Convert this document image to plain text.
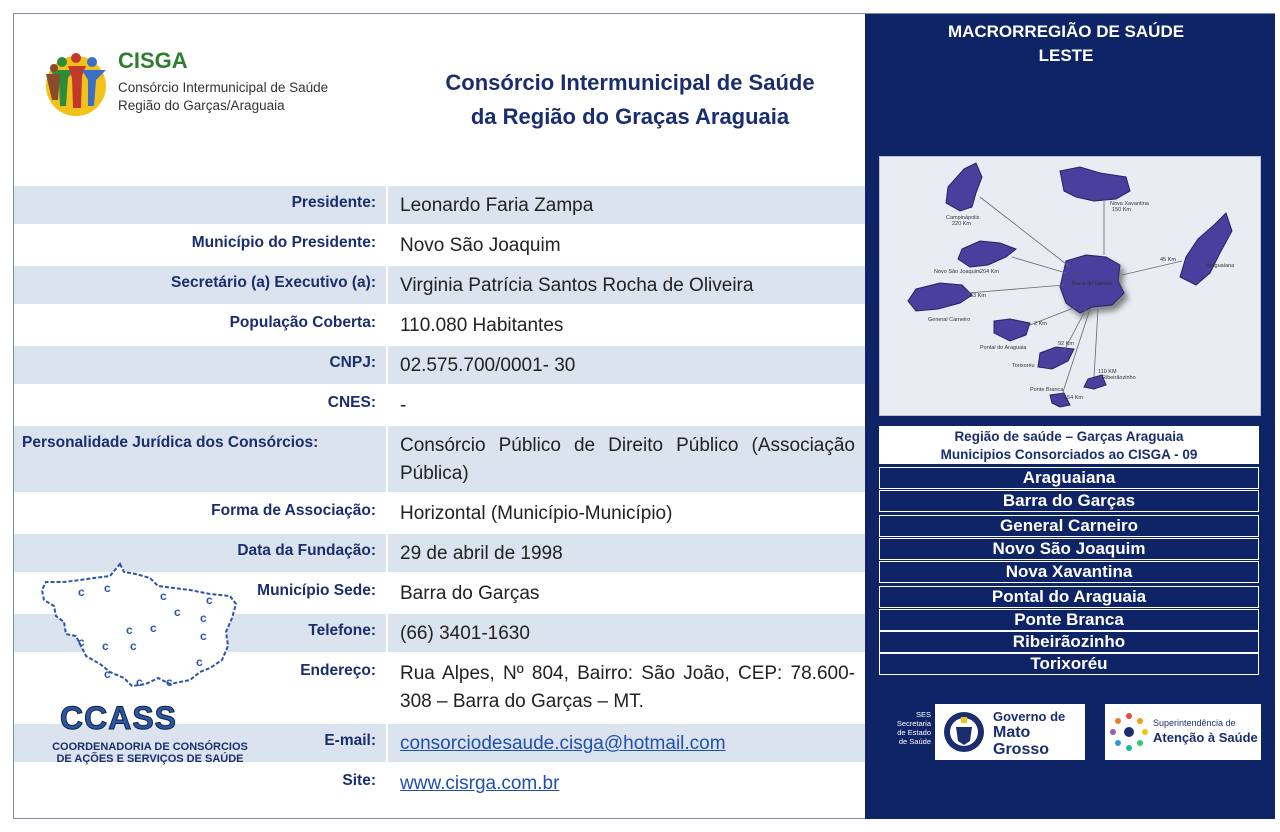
CISGA
Consórcio Intermunicipal de Saúde
Região do Garças/Araguaia
Consórcio Intermunicipal de Saúde
da Região do Graças Araguaia
Presidente:	Leonardo Faria Zampa
Município do Presidente:	Novo São Joaquim
Secretário (a) Executivo (a):	Virginia Patrícia Santos Rocha de Oliveira
População Coberta:	110.080 Habitantes
CNPJ:	02.575.700/0001- 30
CNES:	-
Personalidade Jurídica dos Consórcios:	Consórcio Público de Direito Público (Associação Pública)
Forma de Associação:	Horizontal (Município-Município)
Data da Fundação:	29 de abril de 1998
Município Sede:	Barra do Garças
Telefone:	(66) 3401-1630
Endereço:	Rua Alpes, Nº 804, Bairro: São João, CEP: 78.600-308 – Barra do Garças – MT.
E-mail:	consorciodesaude.cisga@hotmail.com
Site:	www.cisrga.com.br
c c
c	c
c c
c
c	c
c c c
c
c
c c
CCASS
COORDENADORIA DE CONSÓRCIOS
DE AÇÕES E SERVIÇOS DE SAÚDE
MACRORREGIÃO DE SAÚDE
LESTE
Nova Xavantina
150 Km
Campinápolis
220 Km
Araguaiana
45 Km
Novo São Joaquim 204 Km
53 Km
General Carneiro
Barra do Garças
Pontal do Araguaia
2 Km
Torixoréu
92 Km
Ribeirãozinho
110 KM
Ponte Branca
154 Km
Região de saúde – Garças Araguaia
Municipios Consorciados ao CISGA - 09
Araguaiana
Barra do Garças
General Carneiro
Novo São Joaquim
Nova Xavantina
Pontal do Araguaia
Ponte Branca
Ribeirãozinho
Torixoréu
SES
Secretaria
de Estado
de Saúde
Governo de
Mato
Grosso
Superintendência de
Atenção à Saúde
